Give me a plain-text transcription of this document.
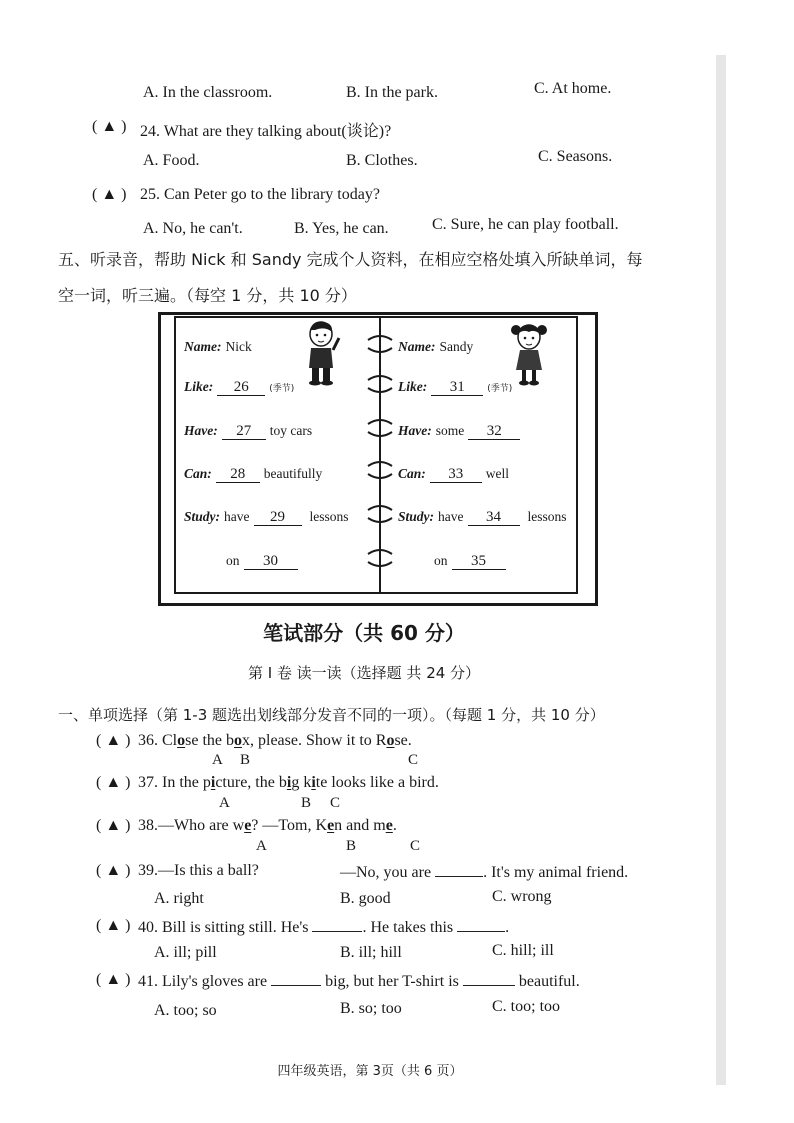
A. In the classroom.	B. In the park.	C. At home.
( ▲ ) 24. What are they talking about(谈论)?
A. Food.	B. Clothes.	C. Seasons.
( ▲ ) 25. Can Peter go to the library today?
A. No, he can't.	B. Yes, he can.	C. Sure, he can play football.
五、听录音，帮助 Nick 和 Sandy 完成个人资料，在相应空格处填入所缺单词，每
空一词，听三遍。（每空 1 分，共 10 分）
Name: Nick
Like: 26 (季节)
Have: 27 toy cars
Can: 28 beautifully
Study: have 29 lessons
on 30
Name: Sandy
Like: 31	(季节)
Have: some 32
Can: 33 well
Study: have 34 lessons
on 35
笔试部分（共 60 分）
第 I 卷 读一读（选择题 共 24 分）
一、单项选择（第 1-3 题选出划线部分发音不同的一项）。（每题 1 分，共 10 分）
( ▲ ) 36. Close the box, please. Show it to Rose.
A B	C
( ▲ ) 37. In the picture, the big kite looks like a bird.
A	B C
( ▲ ) 38.—Who are we? —Tom, Ken and me.
A	B	C
( ▲ ) 39.—Is this a ball?	—No, you are	. It's my animal friend.
A. right	B. good	C. wrong
( ▲ ) 40. Bill is sitting still. He's	. He takes this	.
A. ill; pill	B. ill; hill	C. hill; ill
( ▲ ) 41. Lily's gloves are	big, but her T-shirt is	beautiful.
A. too; so	B. so; too	C. too; too
四年级英语，第 3页（共 6 页）
